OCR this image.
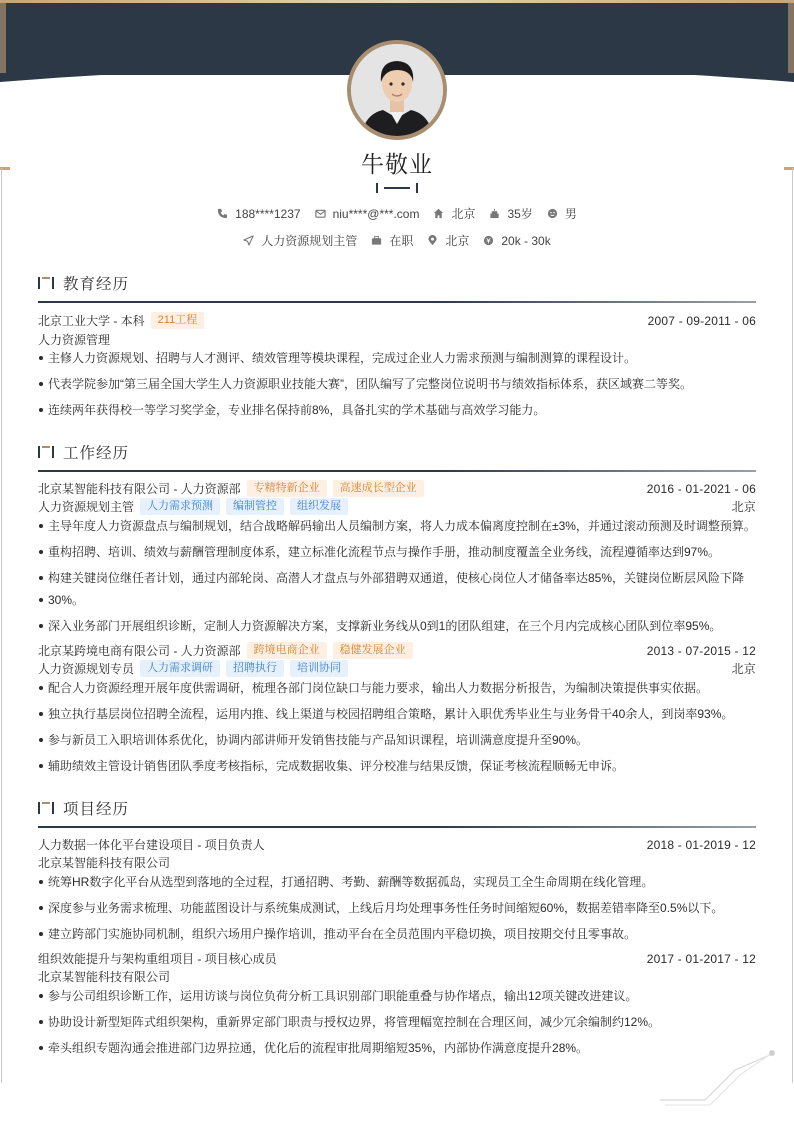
牛敬业
188****1237	niu****@***.com	北京	35岁	男
人力资源规划主管	在职	北京	20k - 30k
教育经历
北京工业大学 - 本科	211工程	2007 - 09-2011 - 06
人力资源管理
主修人力资源规划、招聘与人才测评、绩效管理等模块课程，完成过企业人力需求预测与编制测算的课程设计。
代表学院参加“第三届全国大学生人力资源职业技能大赛”，团队编写了完整岗位说明书与绩效指标体系，获区域赛二等奖。
连续两年获得校一等学习奖学金，专业排名保持前8%，具备扎实的学术基础与高效学习能力。
工作经历
北京某智能科技有限公司 - 人力资源部	专精特新企业	高速成长型企业	2016 - 01-2021 - 06
人力资源规划主管	人力需求预测	编制管控	组织发展	北京
主导年度人力资源盘点与编制规划，结合战略解码输出人员编制方案，将人力成本偏离度控制在±3%，并通过滚动预测及时调整预算。
重构招聘、培训、绩效与薪酬管理制度体系，建立标准化流程节点与操作手册，推动制度覆盖全业务线，流程遵循率达到97%。
构建关键岗位继任者计划，通过内部轮岗、高潜人才盘点与外部猎聘双通道，使核心岗位人才储备率达85%，关键岗位断层风险下降
30%。
深入业务部门开展组织诊断，定制人力资源解决方案，支撑新业务线从0到1的团队组建，在三个月内完成核心团队到位率95%。
北京某跨境电商有限公司 - 人力资源部	跨境电商企业	稳健发展企业	2013 - 07-2015 - 12
人力资源规划专员	人力需求调研	招聘执行	培训协同	北京
配合人力资源经理开展年度供需调研，梳理各部门岗位缺口与能力要求，输出人力数据分析报告，为编制决策提供事实依据。
独立执行基层岗位招聘全流程，运用内推、线上渠道与校园招聘组合策略，累计入职优秀毕业生与业务骨干40余人，到岗率93%。
参与新员工入职培训体系优化，协调内部讲师开发销售技能与产品知识课程，培训满意度提升至90%。
辅助绩效主管设计销售团队季度考核指标，完成数据收集、评分校准与结果反馈，保证考核流程顺畅无申诉。
项目经历
人力数据一体化平台建设项目 - 项目负责人	2018 - 01-2019 - 12
北京某智能科技有限公司
统筹HR数字化平台从选型到落地的全过程，打通招聘、考勤、薪酬等数据孤岛，实现员工全生命周期在线化管理。
深度参与业务需求梳理、功能蓝图设计与系统集成测试，上线后月均处理事务性任务时间缩短60%，数据差错率降至0.5%以下。
建立跨部门实施协同机制，组织六场用户操作培训，推动平台在全员范围内平稳切换，项目按期交付且零事故。
组织效能提升与架构重组项目 - 项目核心成员	2017 - 01-2017 - 12
北京某智能科技有限公司
参与公司组织诊断工作，运用访谈与岗位负荷分析工具识别部门职能重叠与协作堵点，输出12项关键改进建议。
协助设计新型矩阵式组织架构，重新界定部门职责与授权边界，将管理幅宽控制在合理区间，减少冗余编制约12%。
牵头组织专题沟通会推进部门边界拉通，优化后的流程审批周期缩短35%，内部协作满意度提升28%。
